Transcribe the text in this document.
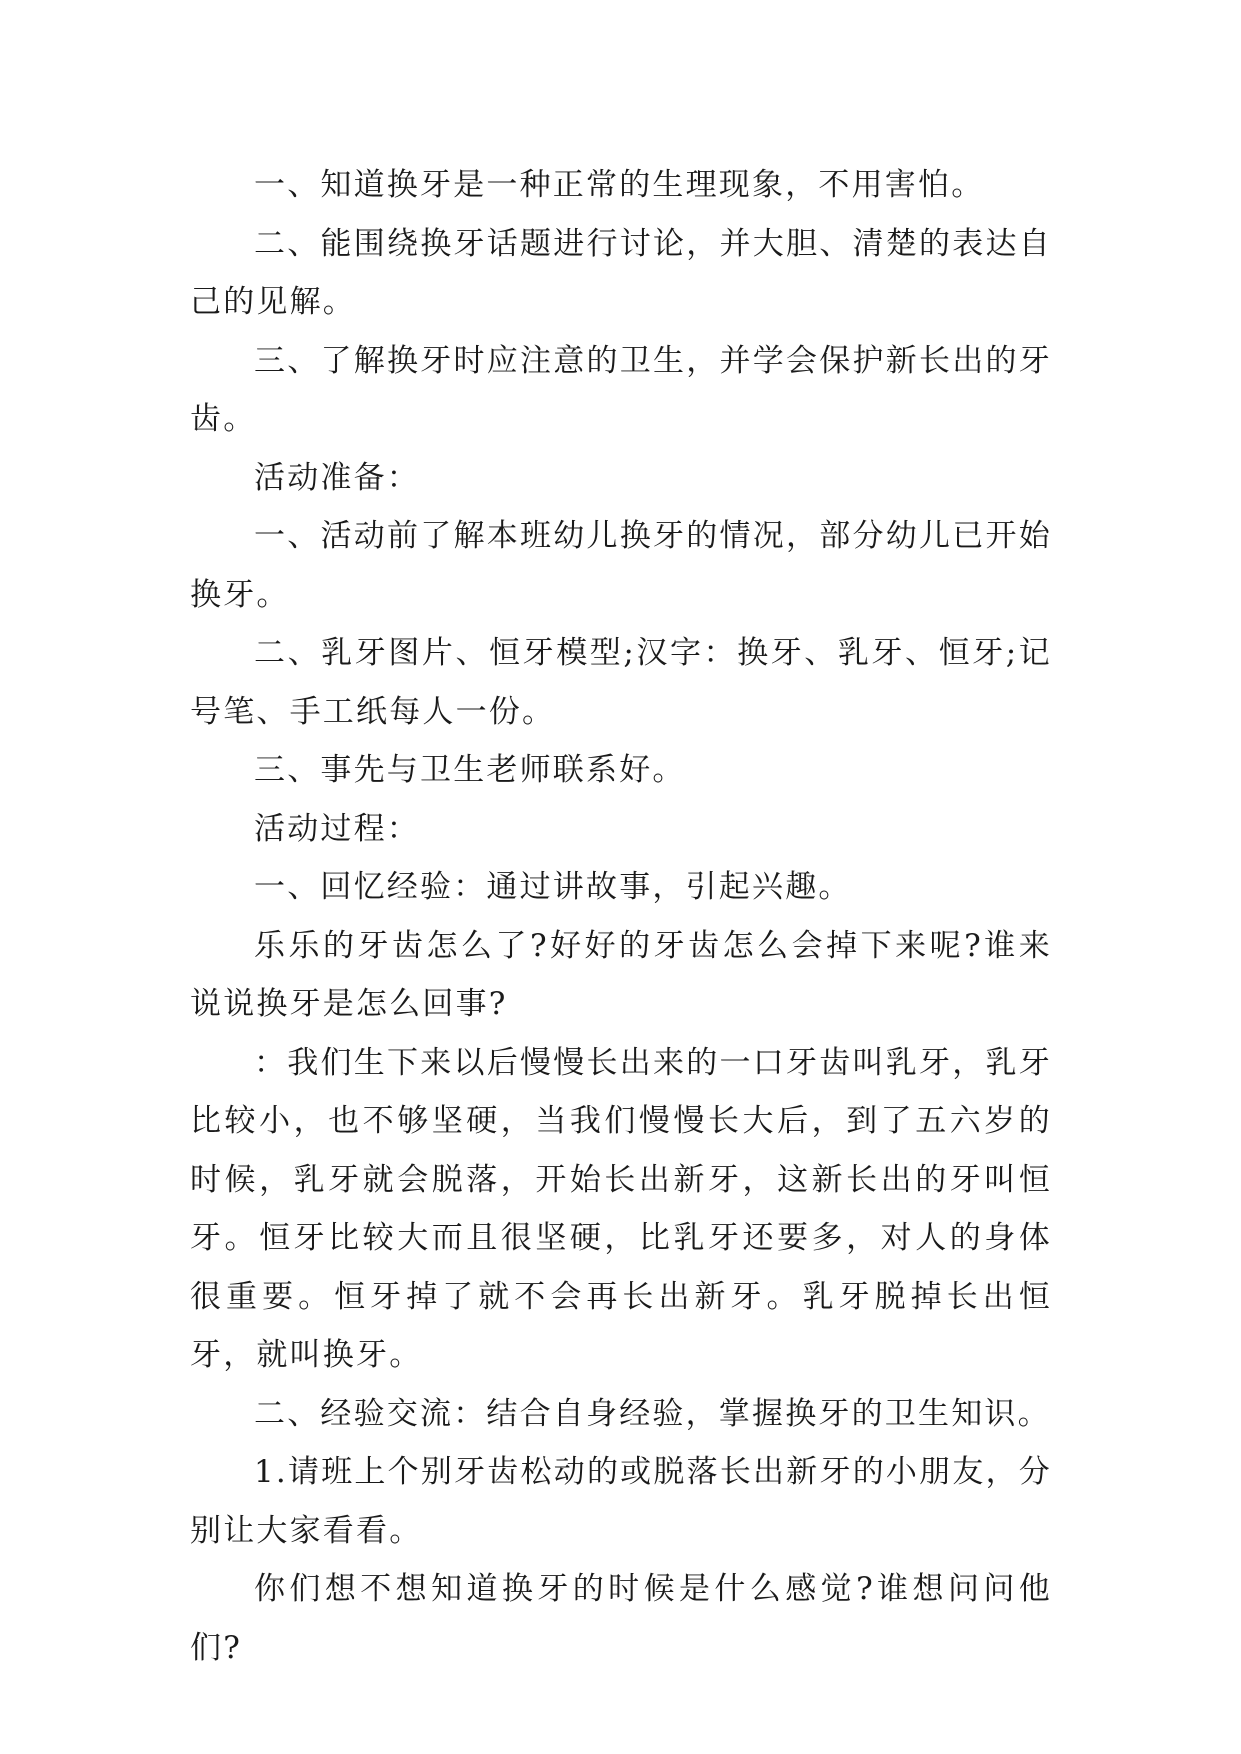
一、知道换牙是一种正常的生理现象，不用害怕。

二、能围绕换牙话题进行讨论，并大胆、清楚的表达自己的见解。

三、了解换牙时应注意的卫生，并学会保护新长出的牙齿。

活动准备：

一、活动前了解本班幼儿换牙的情况，部分幼儿已开始换牙。

二、乳牙图片、恒牙模型;汉字：换牙、乳牙、恒牙;记号笔、手工纸每人一份。

三、事先与卫生老师联系好。

活动过程：

一、回忆经验：通过讲故事，引起兴趣。

乐乐的牙齿怎么了?好好的牙齿怎么会掉下来呢?谁来说说换牙是怎么回事?

：我们生下来以后慢慢长出来的一口牙齿叫乳牙，乳牙比较小，也不够坚硬，当我们慢慢长大后，到了五六岁的时候，乳牙就会脱落，开始长出新牙，这新长出的牙叫恒牙。恒牙比较大而且很坚硬，比乳牙还要多，对人的身体很重要。恒牙掉了就不会再长出新牙。乳牙脱掉长出恒牙，就叫换牙。

二、经验交流：结合自身经验，掌握换牙的卫生知识。

1.请班上个别牙齿松动的或脱落长出新牙的小朋友，分别让大家看看。

你们想不想知道换牙的时候是什么感觉?谁想问问他们?
